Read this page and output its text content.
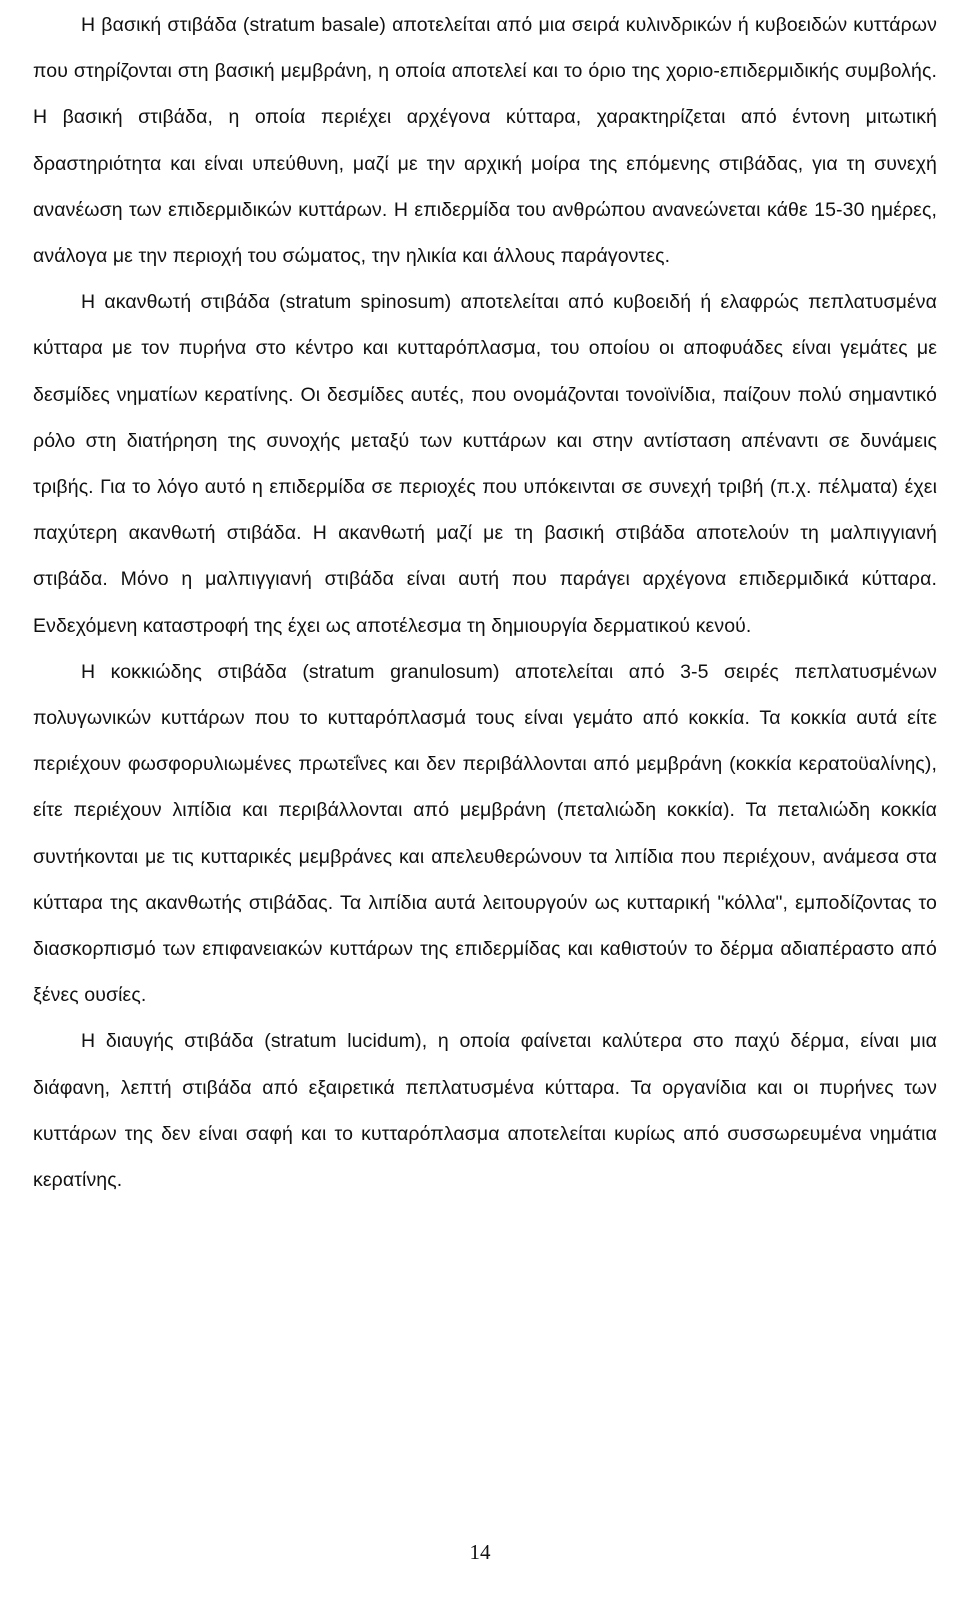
Η βασική στιβάδα (stratum basale) αποτελείται από μια σειρά κυλινδρικών ή κυβοειδών κυττάρων που στηρίζονται στη βασική μεμβράνη, η οποία αποτελεί και το όριο της χοριο-επιδερμιδικής συμβολής. Η βασική στιβάδα, η οποία περιέχει αρχέγονα κύτταρα, χαρακτηρίζεται από έντονη μιτωτική δραστηριότητα και είναι υπεύθυνη, μαζί με την αρχική μοίρα της επόμενης στιβάδας, για τη συνεχή ανανέωση των επιδερμιδικών κυττάρων. Η επιδερμίδα του ανθρώπου ανανεώνεται κάθε 15-30 ημέρες, ανάλογα με την περιοχή του σώματος, την ηλικία και άλλους παράγοντες.

Η ακανθωτή στιβάδα (stratum spinosum) αποτελείται από κυβοειδή ή ελαφρώς πεπλατυσμένα κύτταρα με τον πυρήνα στο κέντρο και κυτταρόπλασμα, του οποίου οι αποφυάδες είναι γεμάτες με δεσμίδες νηματίων κερατίνης. Οι δεσμίδες αυτές, που ονομάζονται τονοϊνίδια, παίζουν πολύ σημαντικό ρόλο στη διατήρηση της συνοχής μεταξύ των κυττάρων και στην αντίσταση απέναντι σε δυνάμεις τριβής. Για το λόγο αυτό η επιδερμίδα σε περιοχές που υπόκεινται σε συνεχή τριβή (π.χ. πέλματα) έχει παχύτερη ακανθωτή στιβάδα. Η ακανθωτή μαζί με τη βασική στιβάδα αποτελούν τη μαλπιγγιανή στιβάδα. Μόνο η μαλπιγγιανή στιβάδα είναι αυτή που παράγει αρχέγονα επιδερμιδικά κύτταρα. Ενδεχόμενη καταστροφή της έχει ως αποτέλεσμα τη δημιουργία δερματικού κενού.

Η κοκκιώδης στιβάδα (stratum granulosum) αποτελείται από 3-5 σειρές πεπλατυσμένων πολυγωνικών κυττάρων που το κυτταρόπλασμά τους είναι γεμάτο από κοκκία. Τα κοκκία αυτά είτε περιέχουν φωσφορυλιωμένες πρωτεΐνες και δεν περιβάλλονται από μεμβράνη (κοκκία κερατοϋαλίνης), είτε περιέχουν λιπίδια και περιβάλλονται από μεμβράνη (πεταλιώδη κοκκία). Τα πεταλιώδη κοκκία συντήκονται με τις κυτταρικές μεμβράνες και απελευθερώνουν τα λιπίδια που περιέχουν, ανάμεσα στα κύτταρα της ακανθωτής στιβάδας. Τα λιπίδια αυτά λειτουργούν ως κυτταρική "κόλλα", εμποδίζοντας το διασκορπισμό των επιφανειακών κυττάρων της επιδερμίδας και καθιστούν το δέρμα αδιαπέραστο από ξένες ουσίες.

Η διαυγής στιβάδα (stratum lucidum), η οποία φαίνεται καλύτερα στο παχύ δέρμα, είναι μια διάφανη, λεπτή στιβάδα από εξαιρετικά πεπλατυσμένα κύτταρα. Τα οργανίδια και οι πυρήνες των κυττάρων της δεν είναι σαφή και το κυτταρόπλασμα αποτελείται κυρίως από συσσωρευμένα νημάτια κερατίνης.

14
